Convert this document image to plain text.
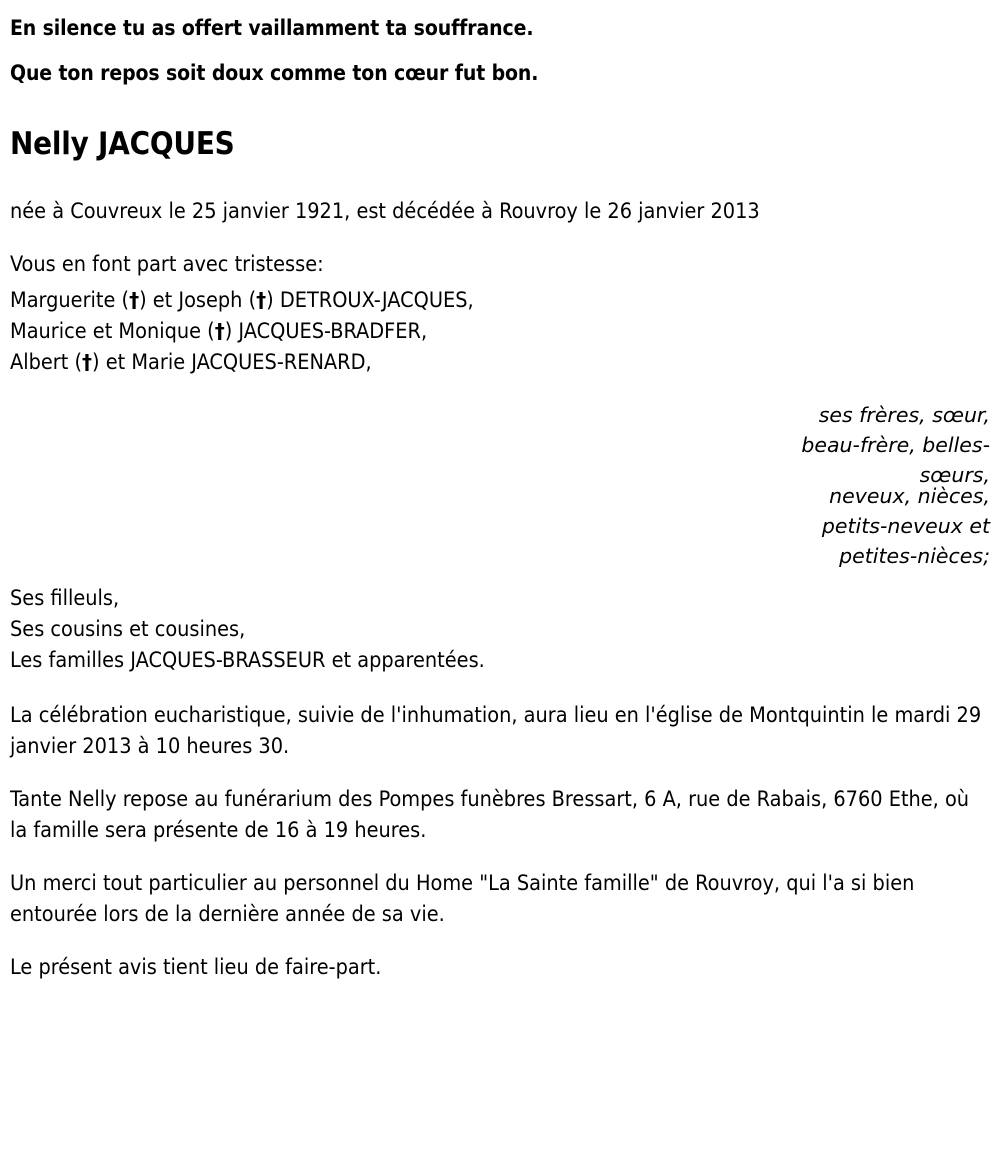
En silence tu as offert vaillamment ta souffrance.
Que ton repos soit doux comme ton cœur fut bon.
Nelly JACQUES
née à Couvreux le 25 janvier 1921, est décédée à Rouvroy le 26 janvier 2013
Vous en font part avec tristesse:
Marguerite (†) et Joseph (†) DETROUX-JACQUES,
Maurice et Monique (†) JACQUES-BRADFER,
Albert (†) et Marie JACQUES-RENARD,
ses frères, sœur,
beau-frère, belles-
sœurs,
neveux, nièces,
petits-neveux et
petites-nièces;
Ses filleuls,
Ses cousins et cousines,
Les familles JACQUES-BRASSEUR et apparentées.
La célébration eucharistique, suivie de l'inhumation, aura lieu en l'église de Montquintin le mardi 29 janvier 2013 à 10 heures 30.
Tante Nelly repose au funérarium des Pompes funèbres Bressart, 6 A, rue de Rabais, 6760 Ethe, où la famille sera présente de 16 à 19 heures.
Un merci tout particulier au personnel du Home "La Sainte famille" de Rouvroy, qui l'a si bien entourée lors de la dernière année de sa vie.
Le présent avis tient lieu de faire-part.
